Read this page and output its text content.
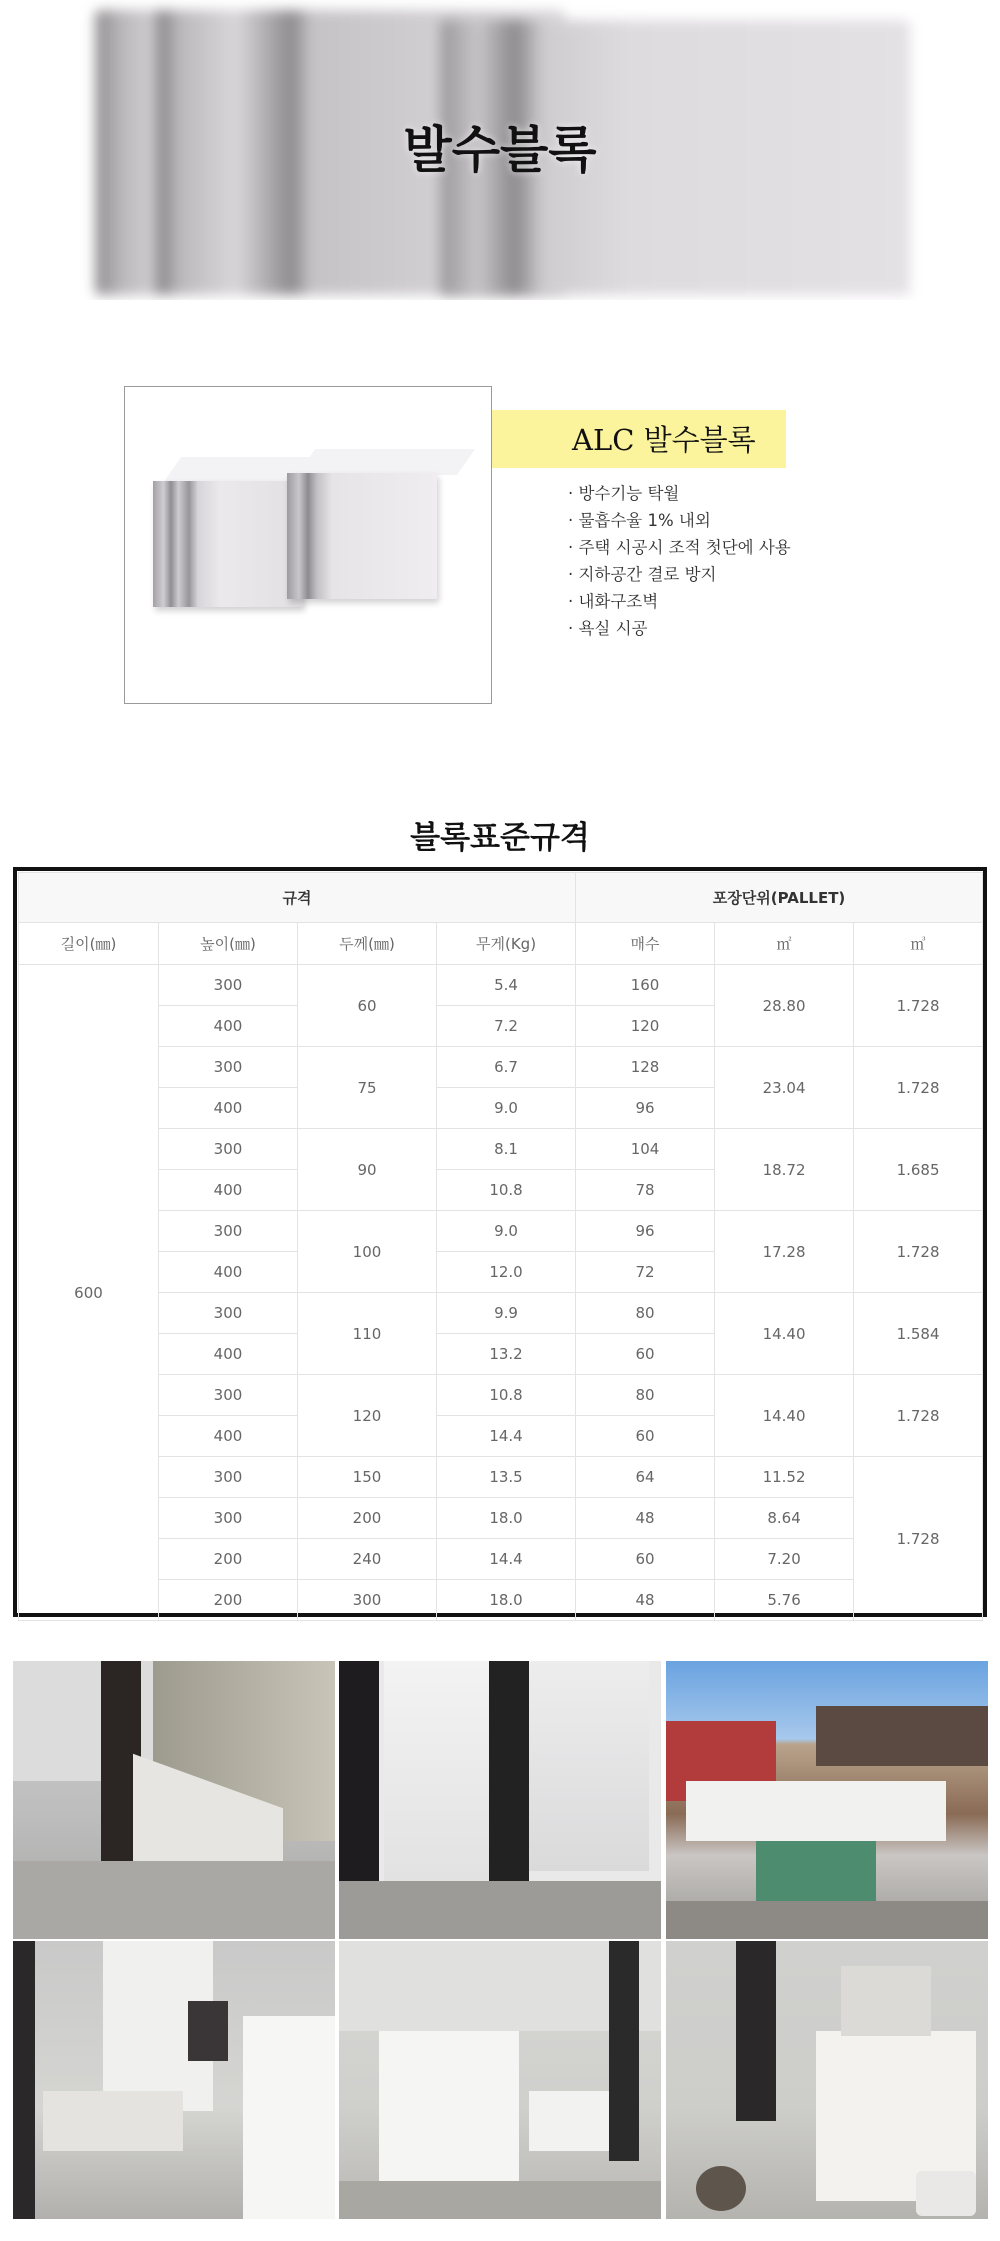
발수블록
ALC 발수블록
· 방수기능 탁월
· 물흡수율 1% 내외
· 주택 시공시 조적 첫단에 사용
· 지하공간 결로 방지
· 내화구조벽
· 욕실 시공
블록표준규격
규격				포장단위(PALLET)		
길이(㎜)	높이(㎜)	두께(㎜)	무게(Kg)	매수	㎡	㎥
600	300	60	5.4	160	28.80	1.728
	400		7.2	120		
	300	75	6.7	128	23.04	1.728
	400		9.0	96		
	300	90	8.1	104	18.72	1.685
	400		10.8	78		
	300	100	9.0	96	17.28	1.728
	400		12.0	72		
	300	110	9.9	80	14.40	1.584
	400		13.2	60		
	300	120	10.8	80	14.40	1.728
	400		14.4	60		
	300	150	13.5	64	11.52	1.728
	300	200	18.0	48	8.64	
	200	240	14.4	60	7.20	
	200	300	18.0	48	5.76	
